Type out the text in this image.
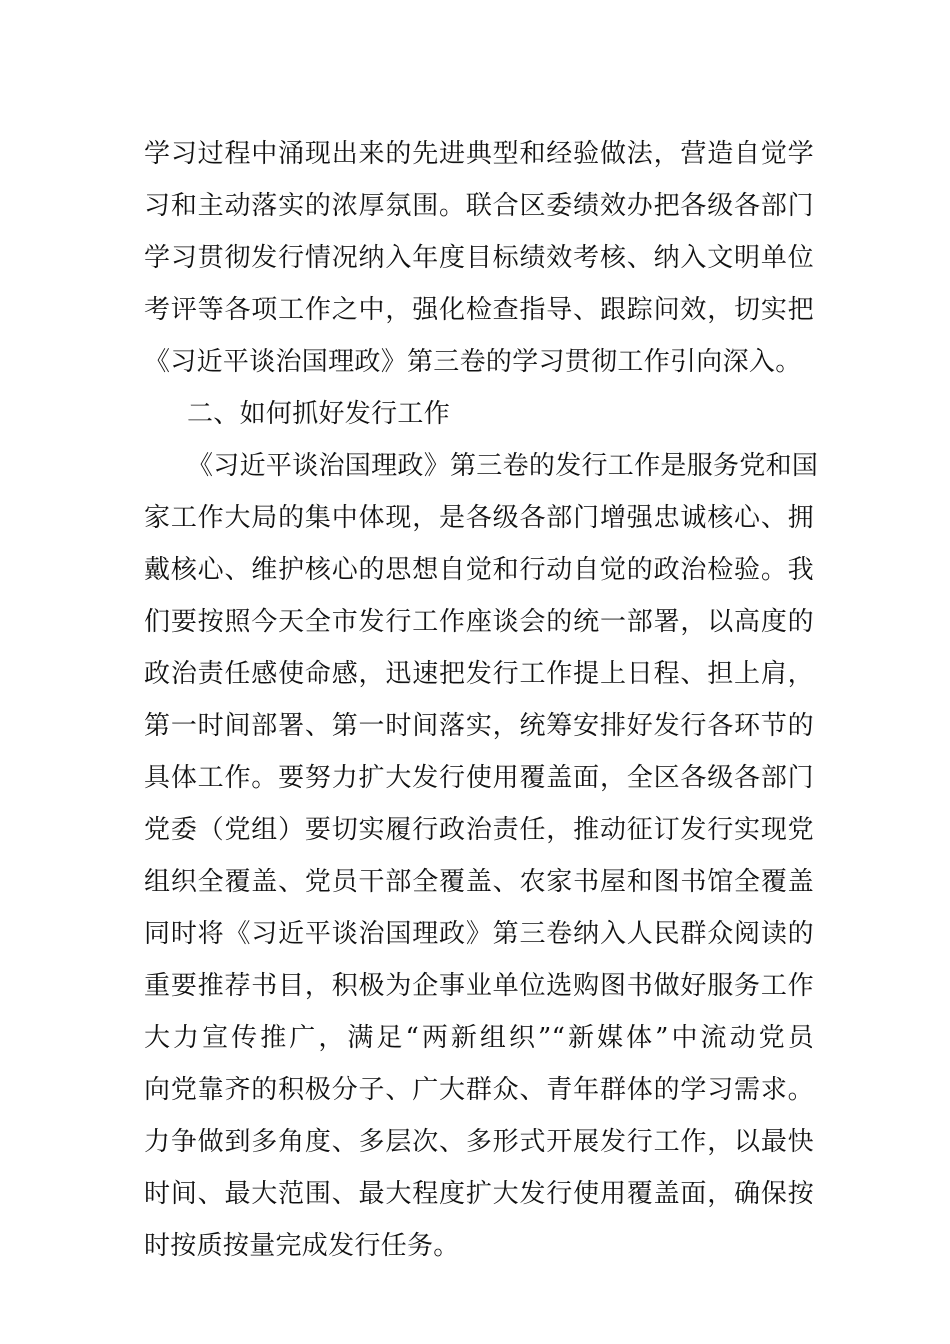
学习过程中涌现出来的先进典型和经验做法，营造自觉学
习和主动落实的浓厚氛围。联合区委绩效办把各级各部门
学习贯彻发行情况纳入年度目标绩效考核、纳入文明单位
考评等各项工作之中，强化检查指导、跟踪问效，切实把
《习近平谈治国理政》第三卷的学习贯彻工作引向深入。
二、如何抓好发行工作
《习近平谈治国理政》第三卷的发行工作是服务党和国
家工作大局的集中体现，是各级各部门增强忠诚核心、拥
戴核心、维护核心的思想自觉和行动自觉的政治检验。我
们要按照今天全市发行工作座谈会的统一部署，以高度的
政治责任感使命感，迅速把发行工作提上日程、担上肩，
第一时间部署、第一时间落实，统筹安排好发行各环节的
具体工作。要努力扩大发行使用覆盖面，全区各级各部门
党委（党组）要切实履行政治责任，推动征订发行实现党
组织全覆盖、党员干部全覆盖、农家书屋和图书馆全覆盖
同时将《习近平谈治国理政》第三卷纳入人民群众阅读的
重要推荐书目，积极为企事业单位选购图书做好服务工作
大力宣传推广，满足“两新组织”“新媒体”中流动党员
向党靠齐的积极分子、广大群众、青年群体的学习需求。
力争做到多角度、多层次、多形式开展发行工作，以最快
时间、最大范围、最大程度扩大发行使用覆盖面，确保按
时按质按量完成发行任务。
